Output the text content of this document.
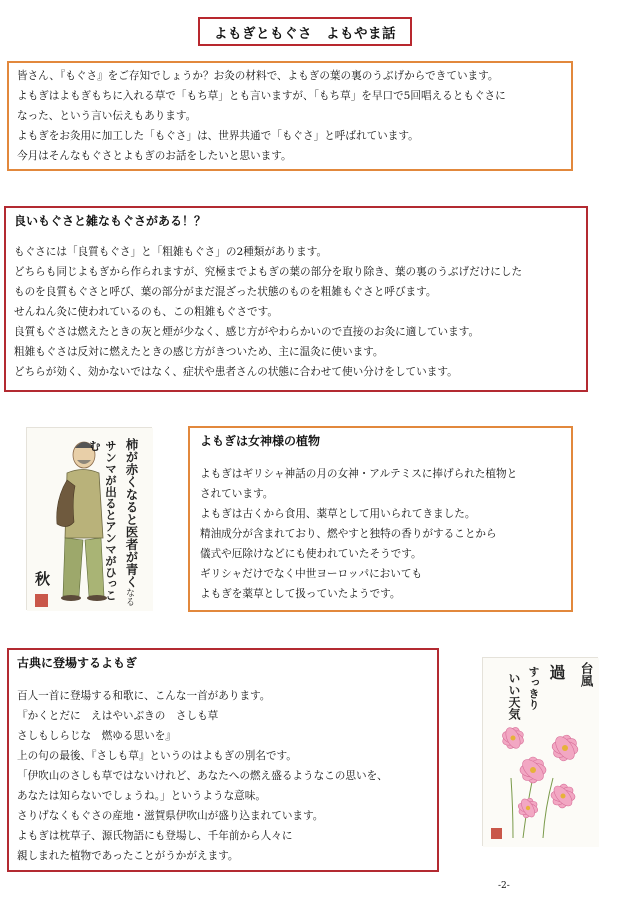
よもぎともぐさ　よもやま話
皆さん、『もぐさ』をご存知でしょうか？お灸の材料で、よもぎの葉の裏のうぶげからできています。
よもぎはよもぎもちに入れる草で「もち草」とも言いますが、「もち草」を早口で5回唱えるともぐさに
なった、という言い伝えもあります。
よもぎをお灸用に加工した「もぐさ」は、世界共通で「もぐさ」と呼ばれています。
今月はそんなもぐさとよもぎのお話をしたいと思います。
良いもぐさと雑なもぐさがある！？
もぐさには「良質もぐさ」と「粗雑もぐさ」の2種類があります。
どちらも同じよもぎから作られますが、究極までよもぎの葉の部分を取り除き、葉の裏のうぶげだけにした
ものを良質もぐさと呼び、葉の部分がまだ混ざった状態のものを粗雑もぐさと呼びます。
せんねん灸に使われているのも、この粗雑もぐさです。
良質もぐさは燃えたときの灰と煙が少なく、感じ方がやわらかいので直接のお灸に適しています。
粗雑もぐさは反対に燃えたときの感じ方がきついため、主に温灸に使います。
どちらが効く、効かないではなく、症状や患者さんの状態に合わせて使い分けをしています。
柿が赤くなると医者が青く
なる
サンマが出るとアンマがひっこむ
秋
よもぎは女神様の植物
よもぎはギリシャ神話の月の女神・アルテミスに捧げられた植物と
されています。
よもぎは古くから食用、薬草として用いられてきました。
精油成分が含まれており、燃やすと独特の香りがすることから
儀式や厄除けなどにも使われていたそうです。
ギリシャだけでなく中世ヨーロッパにおいても
よもぎを薬草として扱っていたようです。
古典に登場するよもぎ
百人一首に登場する和歌に、こんな一首があります。
『かくとだに　えはやいぶきの　さしも草
さしもしらじな　燃ゆる思いを』
上の句の最後、『さしも草』というのはよもぎの別名です。
「伊吹山のさしも草ではないけれど、あなたへの燃え盛るようなこの思いを、
あなたは知らないでしょうね。」というような意味。
さりげなくもぐさの産地・滋賀県伊吹山が盛り込まれています。
よもぎは枕草子、源氏物語にも登場し、千年前から人々に
親しまれた植物であったことがうかがえます。
台風
過
すっきり
いい天気
-2-
